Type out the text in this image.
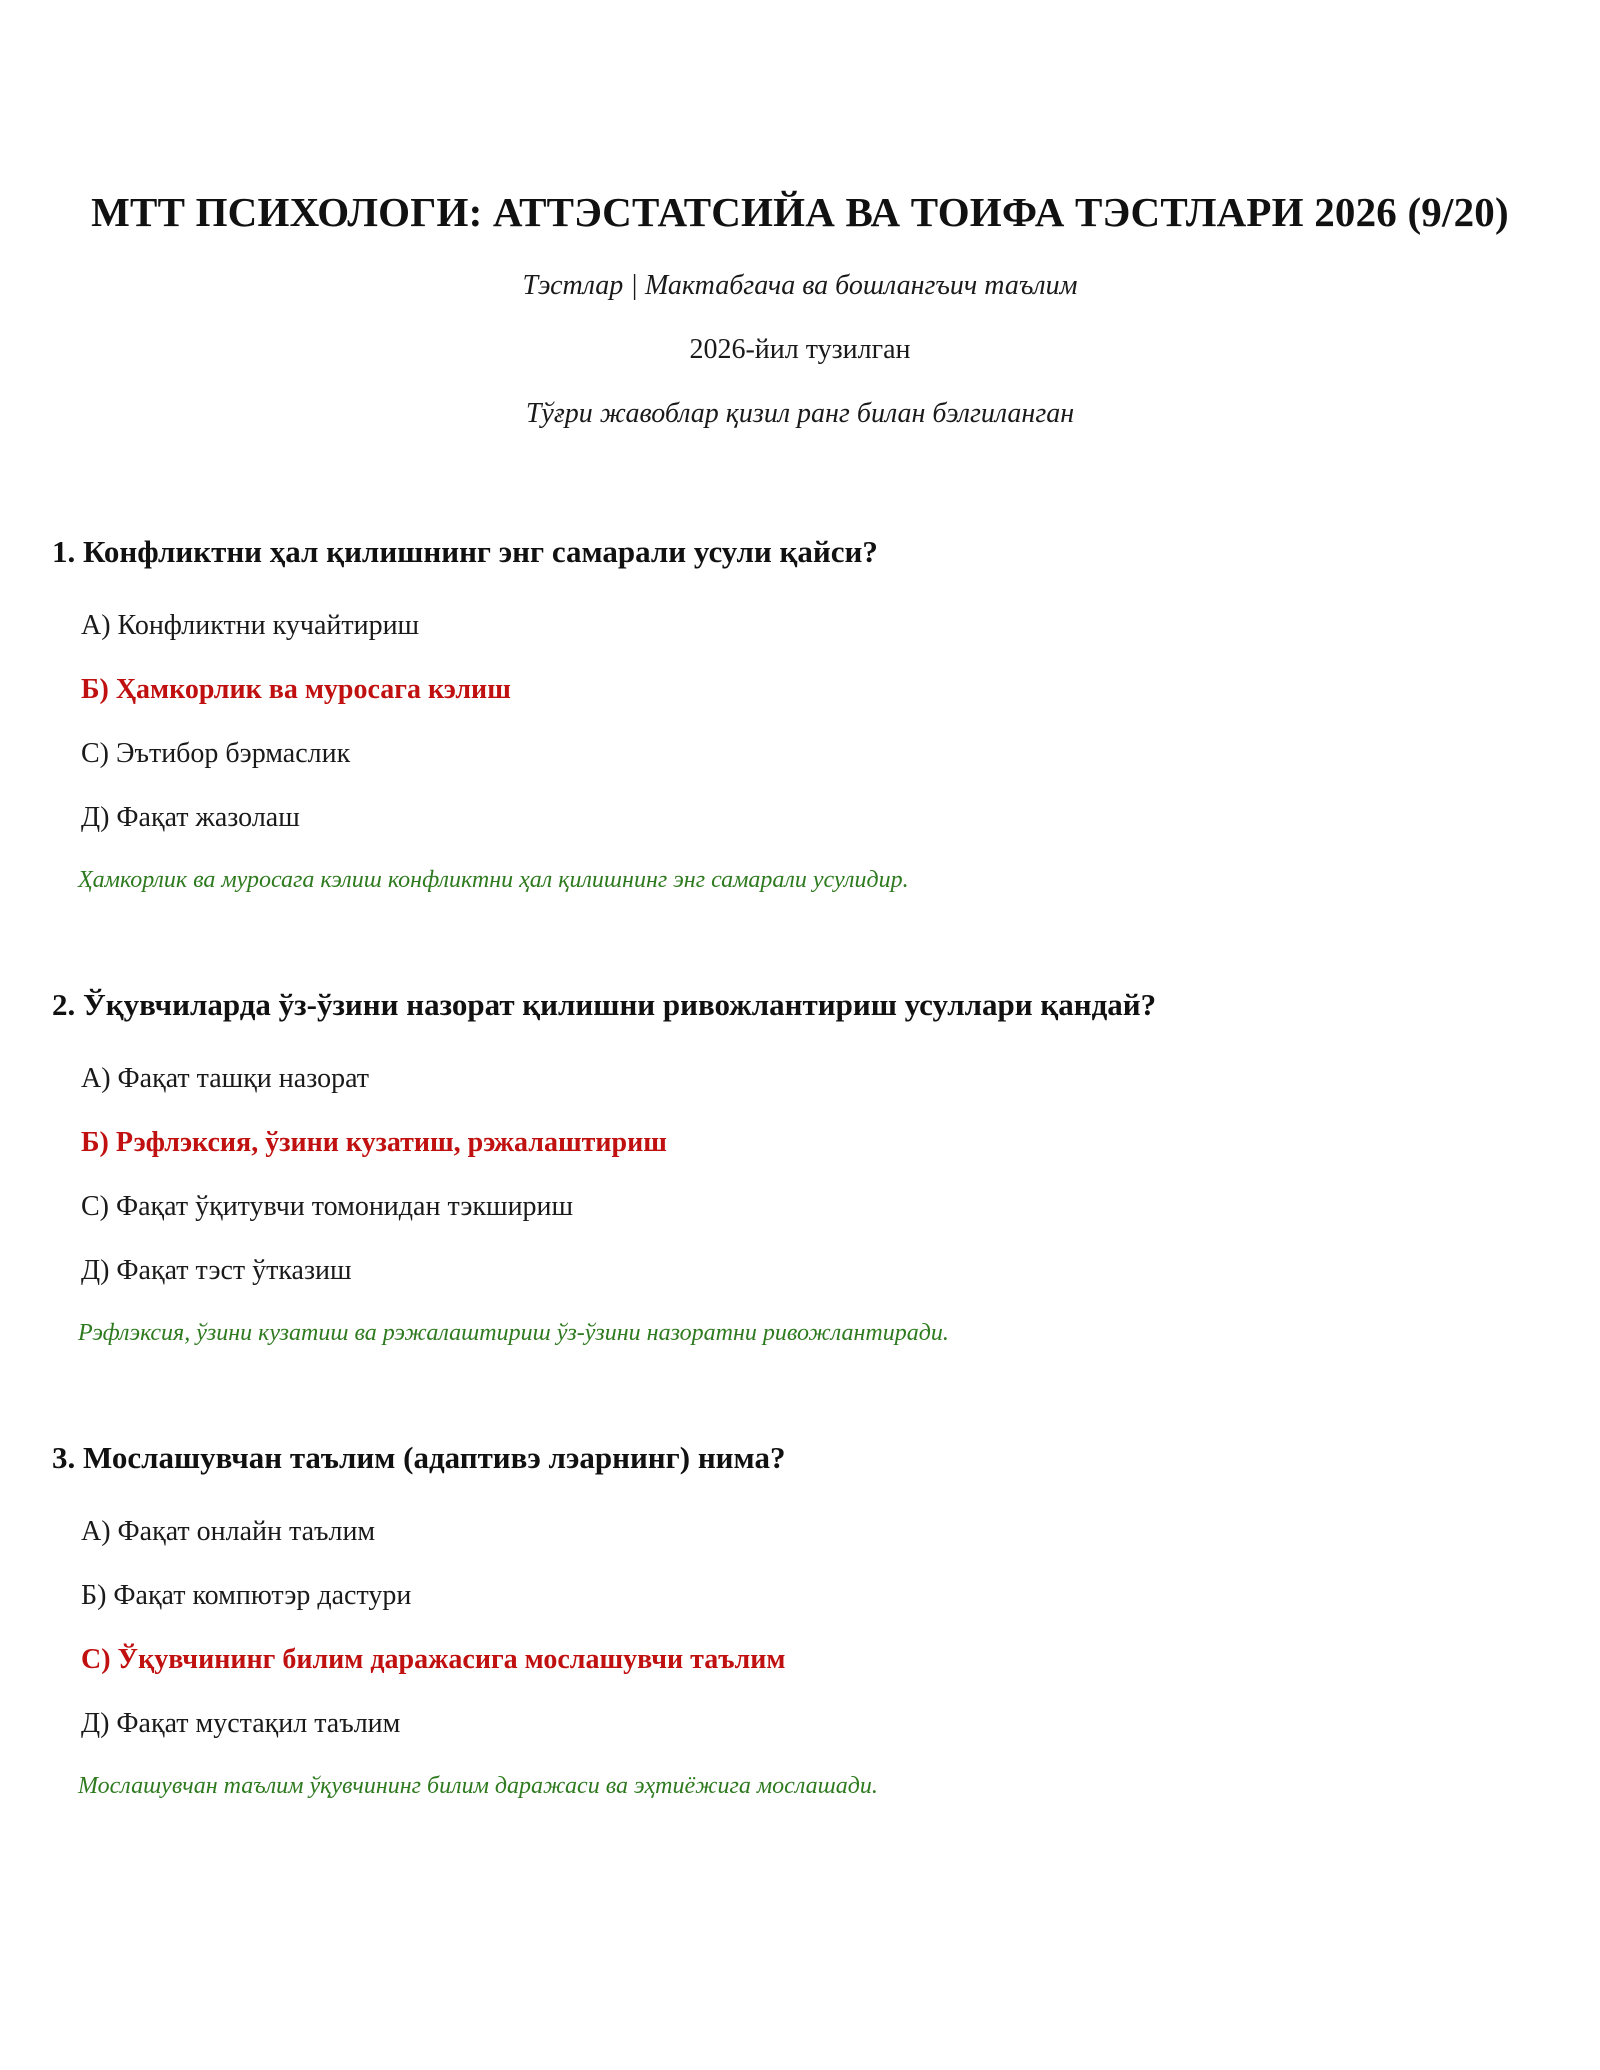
МТТ ПСИХОЛОГИ: АТТЭСТАТСИЙА ВА ТОИФА ТЭСТЛАРИ 2026 (9/20)

Тэстлар | Мактабгача ва бошлангъич таълим

2026-йил тузилган

Тўғри жавоблар қизил ранг билан бэлгиланган

1. Конфликтни ҳал қилишнинг энг самарали усули қайси?

А) Конфликтни кучайтириш
Б) Ҳамкорлик ва муросага кэлиш
С) Эътибор бэрмаслик
Д) Фақат жазолаш

Ҳамкорлик ва муросага кэлиш конфликтни ҳал қилишнинг энг самарали усулидир.

2. Ўқувчиларда ўз-ўзини назорат қилишни ривожлантириш усуллари қандай?

А) Фақат ташқи назорат
Б) Рэфлэксия, ўзини кузатиш, рэжалаштириш
С) Фақат ўқитувчи томонидан тэкшириш
Д) Фақат тэст ўтказиш

Рэфлэксия, ўзини кузатиш ва рэжалаштириш ўз-ўзини назоратни ривожлантиради.

3. Мослашувчан таълим (адаптивэ лэарнинг) нима?

А) Фақат онлайн таълим
Б) Фақат компютэр дастури
С) Ўқувчининг билим даражасига мослашувчи таълим
Д) Фақат мустақил таълим

Мослашувчан таълим ўқувчининг билим даражаси ва эҳтиёжига мослашади.
